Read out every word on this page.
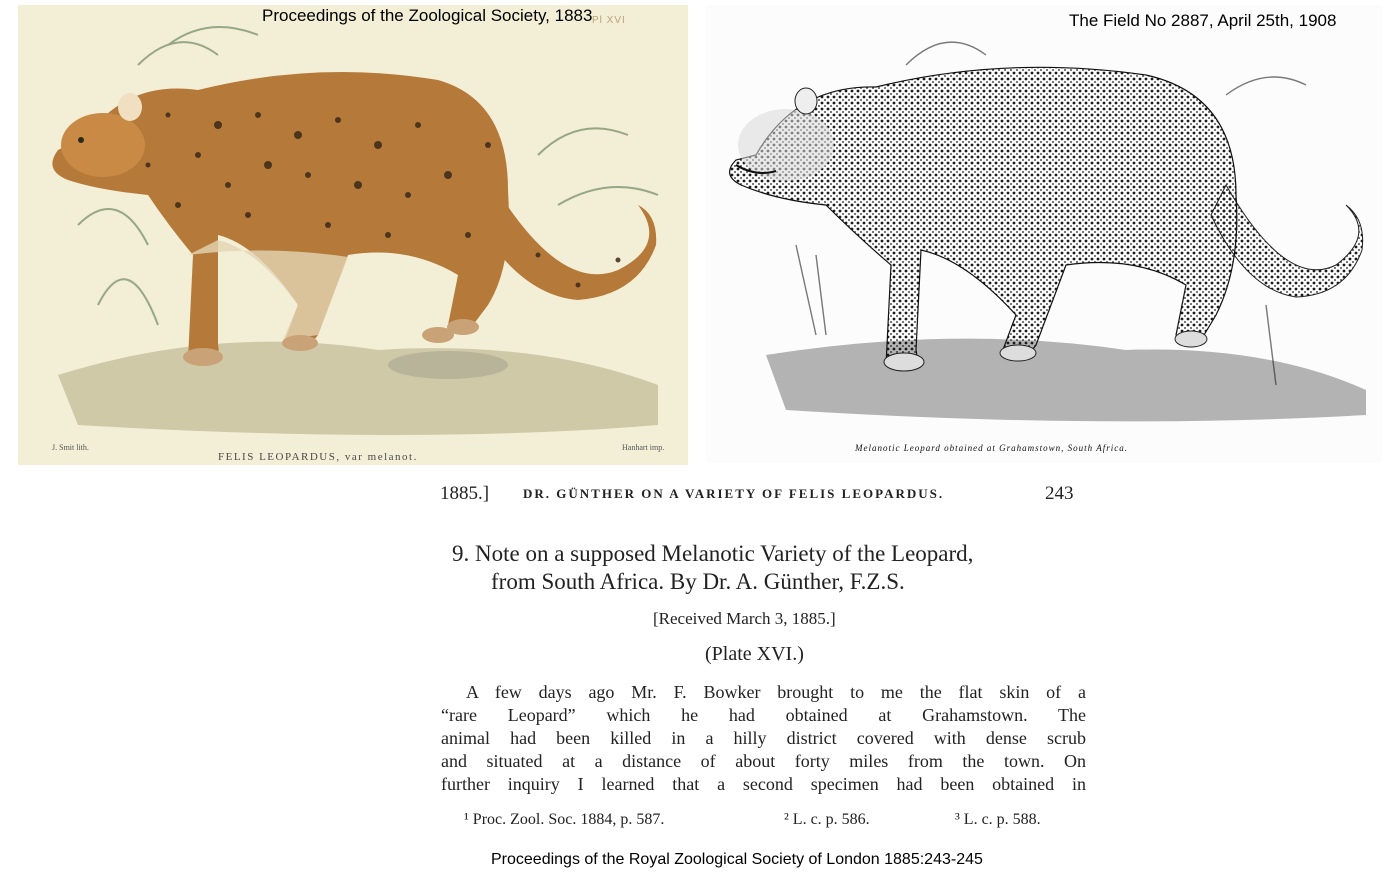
Pl XVI
J. Smit lith.	Hanhart imp.
FELIS LEOPARDUS, var melanot.
Proceedings of the Zoological Society, 1883	The Field No 2887, April 25th, 1908
Melanotic Leopard obtained at Grahamstown, South Africa.
1885.]	DR. GÜNTHER ON A VARIETY OF FELIS LEOPARDUS.	243
9. Note on a supposed Melanotic Variety of the Leopard,
from South Africa. By Dr. A. Günther, F.Z.S.
[Received March 3, 1885.]
(Plate XVI.)
A few days ago Mr. F. Bowker brought to me the flat skin of a
“rare Leopard” which he had obtained at Grahamstown. The
animal had been killed in a hilly district covered with dense scrub
and situated at a distance of about forty miles from the town. On
further inquiry I learned that a second specimen had been obtained in
¹ Proc. Zool. Soc. 1884, p. 587.	² L. c. p. 586.	³ L. c. p. 588.
Proceedings of the Royal Zoological Society of London 1885:243-245
